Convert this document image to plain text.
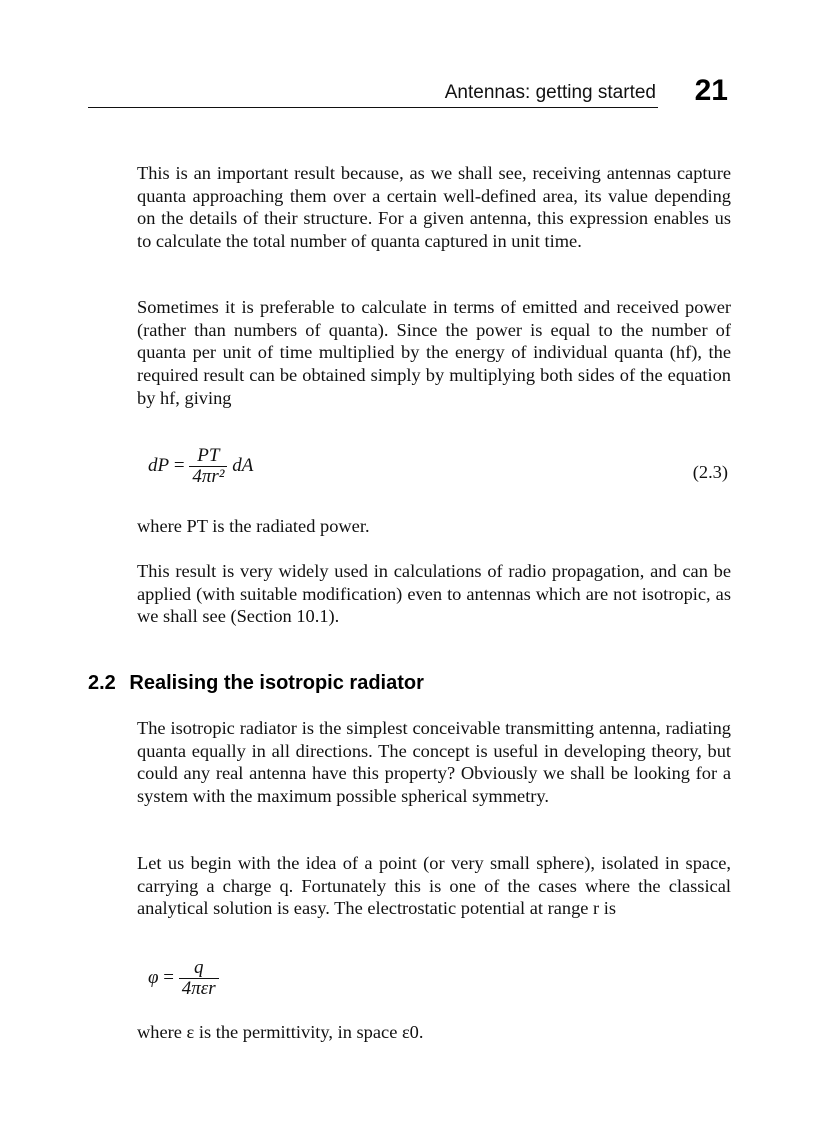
Antennas: getting started 21

This is an important result because, as we shall see, receiving antennas capture quanta approaching them over a certain well-defined area, its value depending on the details of their structure. For a given antenna, this expression enables us to calculate the total number of quanta captured in unit time.

Sometimes it is preferable to calculate in terms of emitted and received power (rather than numbers of quanta). Since the power is equal to the number of quanta per unit of time multiplied by the energy of individual quanta (hf), the required result can be obtained simply by multiplying both sides of the equation by hf, giving

dP = $\frac{PT}{\text{4πr²}}$ dA	(2.3)

where PT is the radiated power.

This result is very widely used in calculations of radio propagation, and can be applied (with suitable modification) even to antennas which are not isotropic, as we shall see (Section 10.1).

2.2 Realising the isotropic radiator

The isotropic radiator is the simplest conceivable transmitting antenna, radiating quanta equally in all directions. The concept is useful in developing theory, but could any real antenna have this property? Obviously we shall be looking for a system with the maximum possible spherical symmetry.

Let us begin with the idea of a point (or very small sphere), isolated in space, carrying a charge q. Fortunately this is one of the cases where the classical analytical solution is easy. The electrostatic potential at range r is

$\varphi = \frac{q}{\text{4πεr}}$

where ε is the permittivity, in space ε0.
